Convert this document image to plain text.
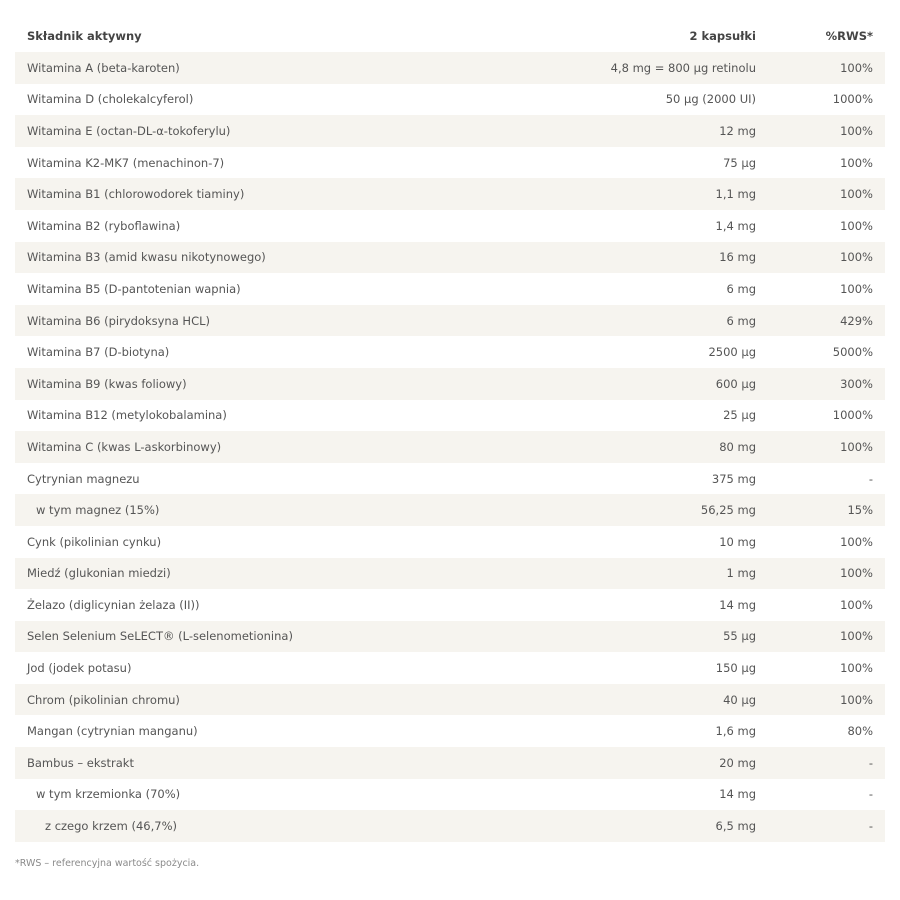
Składnik aktywny	2 kapsułki	%RWS*
Witamina A (beta-karoten)	4,8 mg = 800 µg retinolu	100%
Witamina D (cholekalcyferol)	50 µg (2000 UI)	1000%
Witamina E (octan-DL-α-tokoferylu)	12 mg	100%
Witamina K2-MK7 (menachinon-7)	75 µg	100%
Witamina B1 (chlorowodorek tiaminy)	1,1 mg	100%
Witamina B2 (ryboflawina)	1,4 mg	100%
Witamina B3 (amid kwasu nikotynowego)	16 mg	100%
Witamina B5 (D-pantotenian wapnia)	6 mg	100%
Witamina B6 (pirydoksyna HCL)	6 mg	429%
Witamina B7 (D-biotyna)	2500 µg	5000%
Witamina B9 (kwas foliowy)	600 µg	300%
Witamina B12 (metylokobalamina)	25 µg	1000%
Witamina C (kwas L-askorbinowy)	80 mg	100%
Cytrynian magnezu	375 mg	-
w tym magnez (15%)	56,25 mg	15%
Cynk (pikolinian cynku)	10 mg	100%
Miedź (glukonian miedzi)	1 mg	100%
Żelazo (diglicynian żelaza (II))	14 mg	100%
Selen Selenium SeLECT® (L-selenometionina)	55 µg	100%
Jod (jodek potasu)	150 µg	100%
Chrom (pikolinian chromu)	40 µg	100%
Mangan (cytrynian manganu)	1,6 mg	80%
Bambus – ekstrakt	20 mg	-
w tym krzemionka (70%)	14 mg	-
z czego krzem (46,7%)	6,5 mg	-
*RWS – referencyjna wartość spożycia.
